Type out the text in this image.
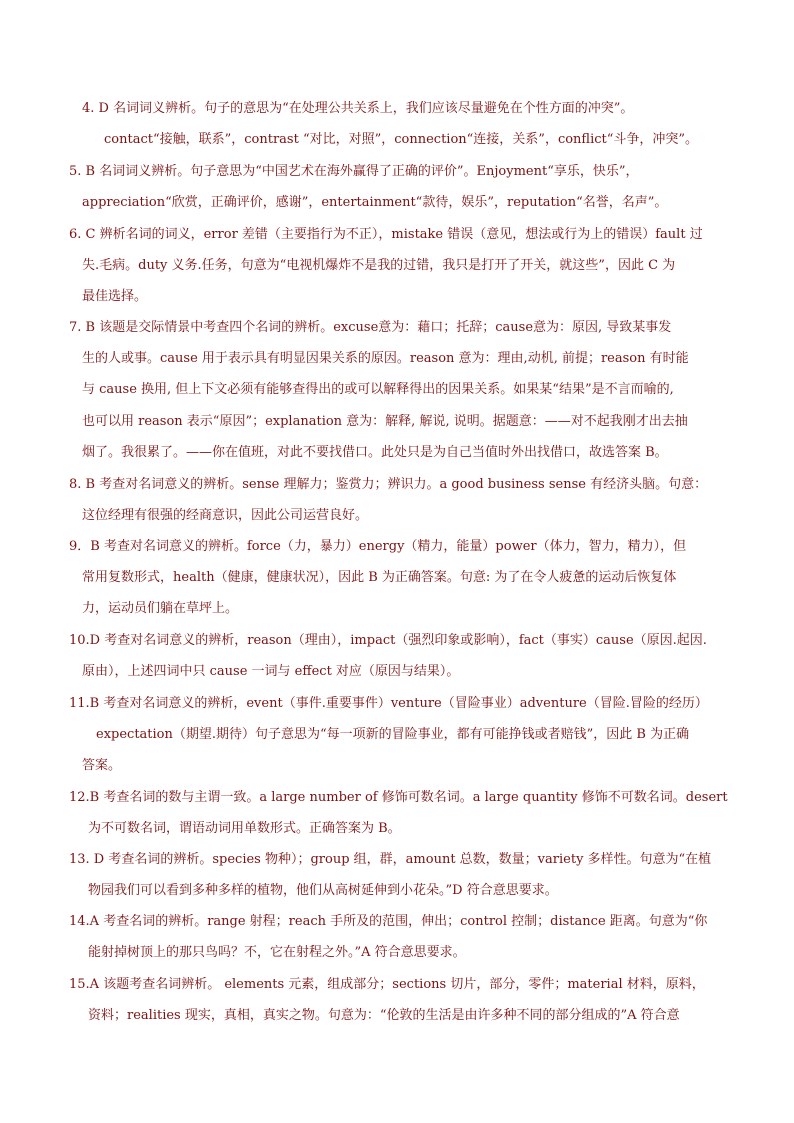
4. D 名词词义辨析。句子的意思为“在处理公共关系上，我们应该尽量避免在个性方面的冲突”。
contact“接触，联系”，contrast “对比，对照”，connection“连接，关系”，conflict“斗争，冲突”。
5. B 名词词义辨析。句子意思为“中国艺术在海外赢得了正确的评价”。Enjoyment“享乐，快乐”，
appreciation“欣赏，正确评价，感谢”，entertainment“款待，娱乐”，reputation“名誉，名声”。
6. C 辨析名词的词义，error 差错（主要指行为不正），mistake 错误（意见，想法或行为上的错误）fault 过
失.毛病。duty 义务.任务，句意为“电视机爆炸不是我的过错，我只是打开了开关，就这些”，因此 C 为
最佳选择。
7. B 该题是交际情景中考查四个名词的辨析。excuse意为：藉口；托辞；cause意为：原因, 导致某事发
生的人或事。cause 用于表示具有明显因果关系的原因。reason 意为：理由,动机, 前提；reason 有时能
与 cause 换用, 但上下文必须有能够查得出的或可以解释得出的因果关系。如果某“结果”是不言而喻的,
也可以用 reason 表示“原因”；explanation 意为：解释, 解说, 说明。据题意：——对不起我刚才出去抽
烟了。我很累了。——你在值班，对此不要找借口。此处只是为自己当值时外出找借口，故选答案 B。
8. B 考查对名词意义的辨析。sense 理解力；鉴赏力；辨识力。a good business sense 有经济头脑。句意：
这位经理有很强的经商意识，因此公司运营良好。
9．B 考查对名词意义的辨析。force（力，暴力）energy（精力，能量）power（体力，智力，精力），但
常用复数形式，health（健康，健康状况），因此 B 为正确答案。句意: 为了在令人疲惫的运动后恢复体
力，运动员们躺在草坪上。
10.D 考查对名词意义的辨析，reason（理由），impact（强烈印象或影响），fact（事实）cause（原因.起因.
原由），上述四词中只 cause 一词与 effect 对应（原因与结果）。
11.B 考查对名词意义的辨析，event（事件.重要事件）venture（冒险事业）adventure（冒险.冒险的经历）
expectation（期望.期待）句子意思为“每一项新的冒险事业，都有可能挣钱或者赔钱”，因此 B 为正确
答案。
12.B 考查名词的数与主谓一致。a large number of 修饰可数名词。a large quantity 修饰不可数名词。desert
为不可数名词，谓语动词用单数形式。正确答案为 B。
13. D 考查名词的辨析。species 物种）；group 组，群，amount 总数，数量；variety 多样性。句意为“在植
物园我们可以看到多种多样的植物，他们从高树延伸到小花朵。”D 符合意思要求。
14.A 考查名词的辨析。range 射程；reach 手所及的范围，伸出；control 控制；distance 距离。句意为“你
能射掉树顶上的那只鸟吗？不，它在射程之外。”A 符合意思要求。
15.A 该题考查名词辨析。 elements 元素，组成部分；sections 切片，部分，零件；material 材料，原料，
资料；realities 现实，真相，真实之物。句意为：“伦敦的生活是由许多种不同的部分组成的”A 符合意
